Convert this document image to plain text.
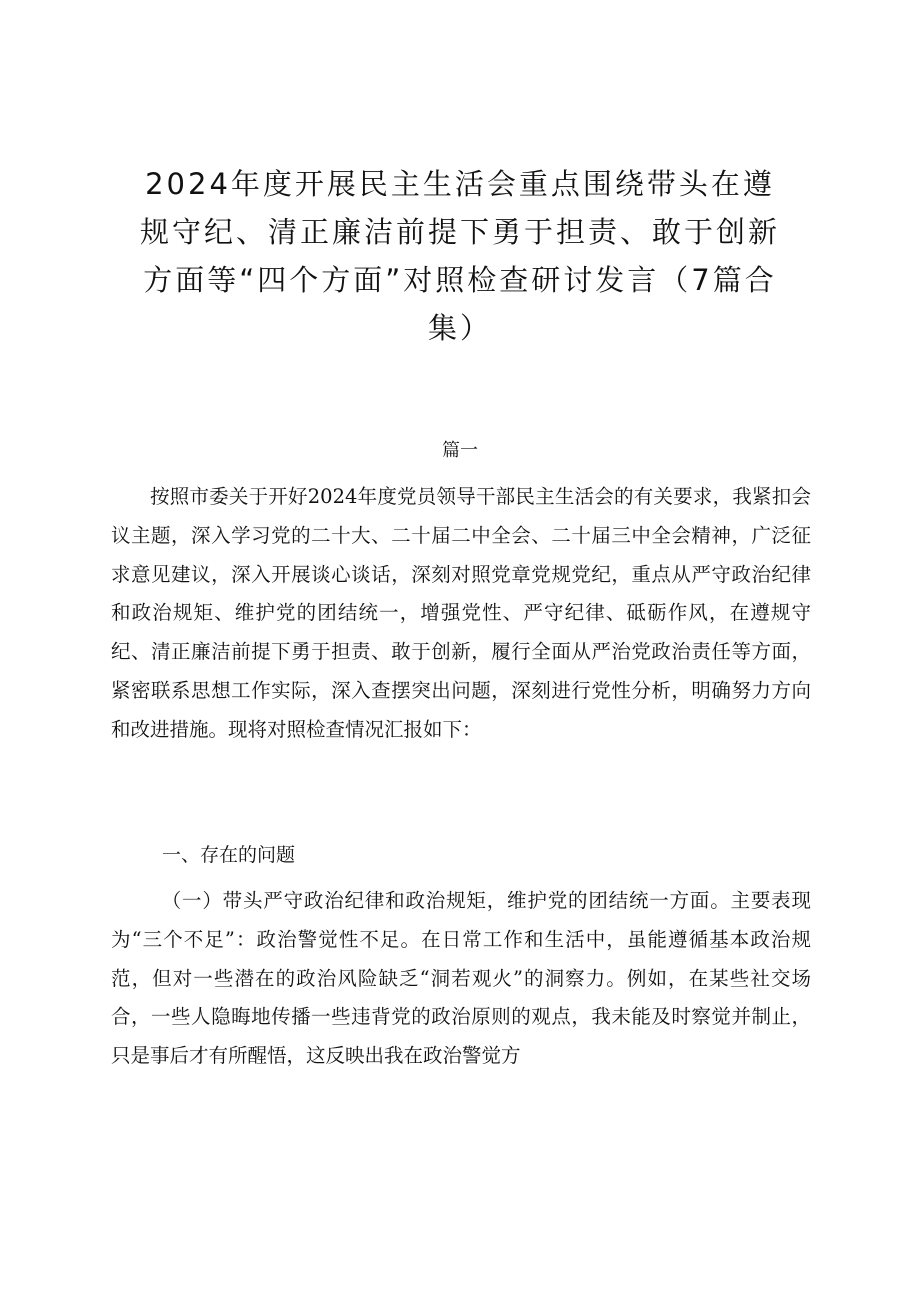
2024年度开展民主生活会重点围绕带头在遵规守纪、清正廉洁前提下勇于担责、敢于创新方面等“四个方面”对照检查研讨发言（7篇合集）
篇一

按照市委关于开好2024年度党员领导干部民主生活会的有关要求，我紧扣会议主题，深入学习党的二十大、二十届二中全会、二十届三中全会精神，广泛征求意见建议，深入开展谈心谈话，深刻对照党章党规党纪，重点从严守政治纪律和政治规矩、维护党的团结统一，增强党性、严守纪律、砥砺作风，在遵规守纪、清正廉洁前提下勇于担责、敢于创新，履行全面从严治党政治责任等方面，紧密联系思想工作实际，深入查摆突出问题，深刻进行党性分析，明确努力方向和改进措施。现将对照检查情况汇报如下：

一、存在的问题

（一）带头严守政治纪律和政治规矩，维护党的团结统一方面。主要表现为“三个不足”：政治警觉性不足。在日常工作和生活中，虽能遵循基本政治规范，但对一些潜在的政治风险缺乏“洞若观火”的洞察力。例如，在某些社交场合，一些人隐晦地传播一些违背党的政治原则的观点，我未能及时察觉并制止，只是事后才有所醒悟，这反映出我在政治警觉方
